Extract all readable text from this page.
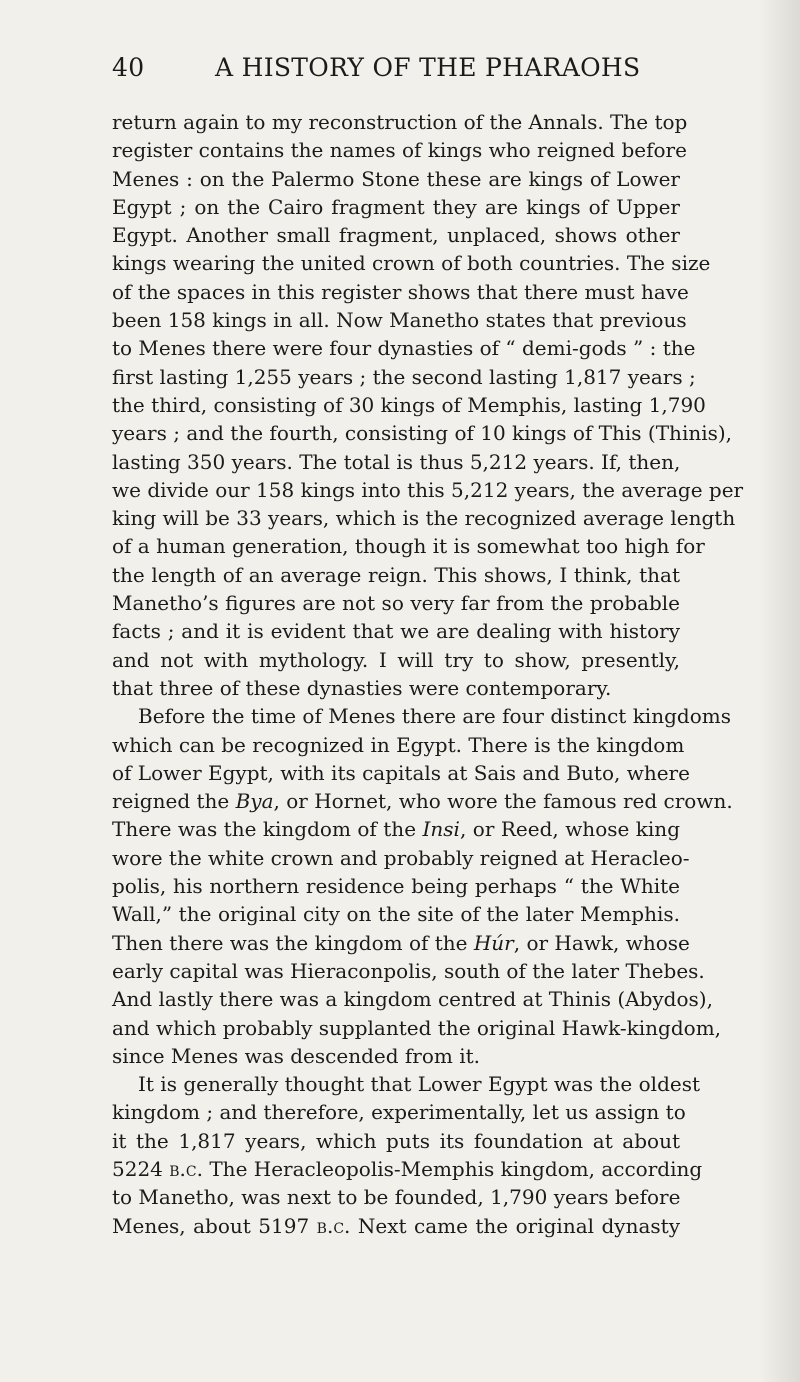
40	A HISTORY OF THE PHARAOHS
return again to my reconstruction of the Annals. The top
register contains the names of kings who reigned before
Menes : on the Palermo Stone these are kings of Lower
Egypt ; on the Cairo fragment they are kings of Upper
Egypt. Another small fragment, unplaced, shows other
kings wearing the united crown of both countries. The size
of the spaces in this register shows that there must have
been 158 kings in all. Now Manetho states that previous
to Menes there were four dynasties of “ demi-gods ” : the
first lasting 1,255 years ; the second lasting 1,817 years ;
the third, consisting of 30 kings of Memphis, lasting 1,790
years ; and the fourth, consisting of 10 kings of This (Thinis),
lasting 350 years. The total is thus 5,212 years. If, then,
we divide our 158 kings into this 5,212 years, the average per
king will be 33 years, which is the recognized average length
of a human generation, though it is somewhat too high for
the length of an average reign. This shows, I think, that
Manetho’s figures are not so very far from the probable
facts ; and it is evident that we are dealing with history
and not with mythology. I will try to show, presently,
that three of these dynasties were contemporary.
Before the time of Menes there are four distinct kingdoms
which can be recognized in Egypt. There is the kingdom
of Lower Egypt, with its capitals at Sais and Buto, where
reigned the Bya, or Hornet, who wore the famous red crown.
There was the kingdom of the Insi, or Reed, whose king
wore the white crown and probably reigned at Heracleo-
polis, his northern residence being perhaps “ the White
Wall,” the original city on the site of the later Memphis.
Then there was the kingdom of the Húr, or Hawk, whose
early capital was Hieraconpolis, south of the later Thebes.
And lastly there was a kingdom centred at Thinis (Abydos),
and which probably supplanted the original Hawk-kingdom,
since Menes was descended from it.
It is generally thought that Lower Egypt was the oldest
kingdom ; and therefore, experimentally, let us assign to
it the 1,817 years, which puts its foundation at about
5224 b.c. The Heracleopolis-Memphis kingdom, according
to Manetho, was next to be founded, 1,790 years before
Menes, about 5197 b.c. Next came the original dynasty
